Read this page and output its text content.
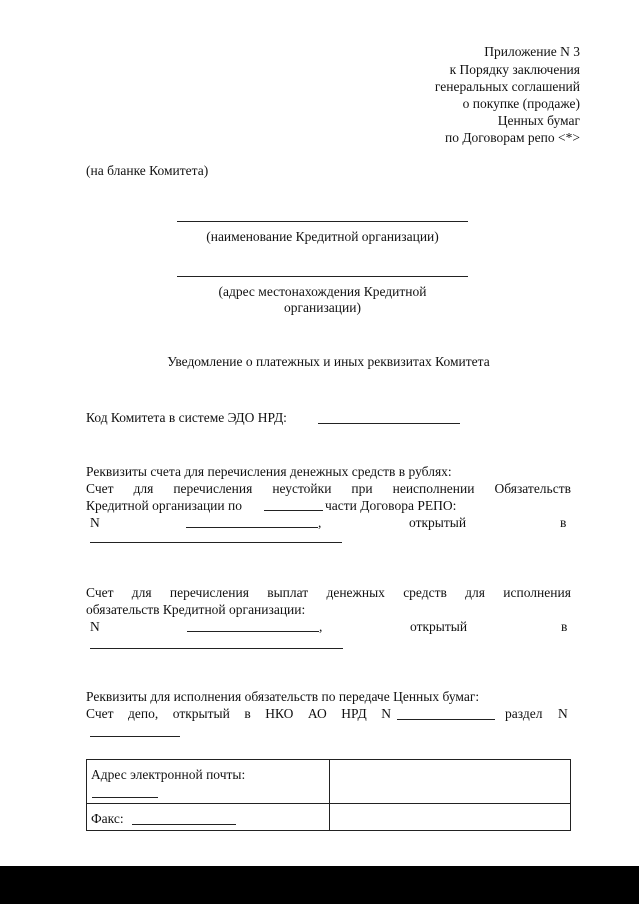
Приложение N 3
к Порядку заключения
генеральных соглашений
о покупке (продаже)
Ценных бумаг
по Договорам репо <*>
(на бланке Комитета)
(наименование Кредитной организации)
(адрес местонахождения Кредитной
организации)
Уведомление о платежных и иных реквизитах Комитета
Код Комитета в системе ЭДО НРД:
Реквизиты счета для перечисления денежных средств в рублях:
Счет для перечисления неустойки при неисполнении Обязательств
Кредитной организации по	части Договора РЕПО:
N	,	открытый	в
Счет для перечисления выплат денежных средств для исполнения
обязательств Кредитной организации:
N	,	открытый	в
Реквизиты для исполнения обязательств по передаче Ценных бумаг:
Счет депо, открытый в НКО АО НРД N	раздел N
Адрес электронной почты:
Факс:
